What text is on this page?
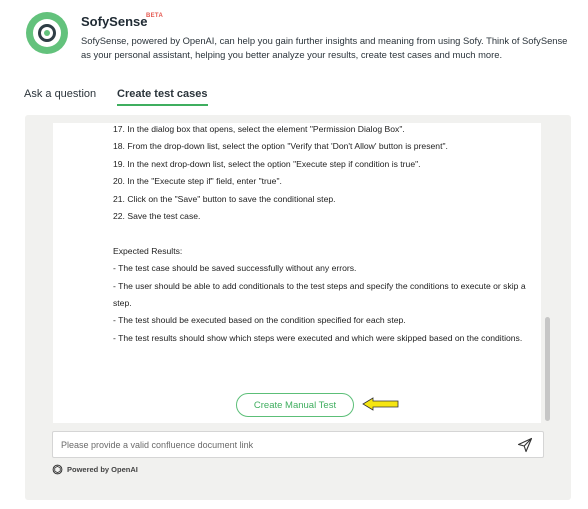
SofySense
BETA
SofySense, powered by OpenAI, can help you gain further insights and meaning from using Sofy. Think of SofySense as your personal assistant, helping you better analyze your results, create test cases and much more.
Ask a question Create test cases
17. In the dialog box that opens, select the element "Permission Dialog Box".
18. From the drop-down list, select the option "Verify that 'Don't Allow' button is present".
19. In the next drop-down list, select the option "Execute step if condition is true".
20. In the "Execute step if" field, enter "true".
21. Click on the "Save" button to save the conditional step.
22. Save the test case.
Expected Results:
- The test case should be saved successfully without any errors.
- The user should be able to add conditionals to the test steps and specify the conditions to execute or skip a step.
- The test should be executed based on the condition specified for each step.
- The test results should show which steps were executed and which were skipped based on the conditions.
Create Manual Test
Please provide a valid confluence document link
Powered by OpenAI
